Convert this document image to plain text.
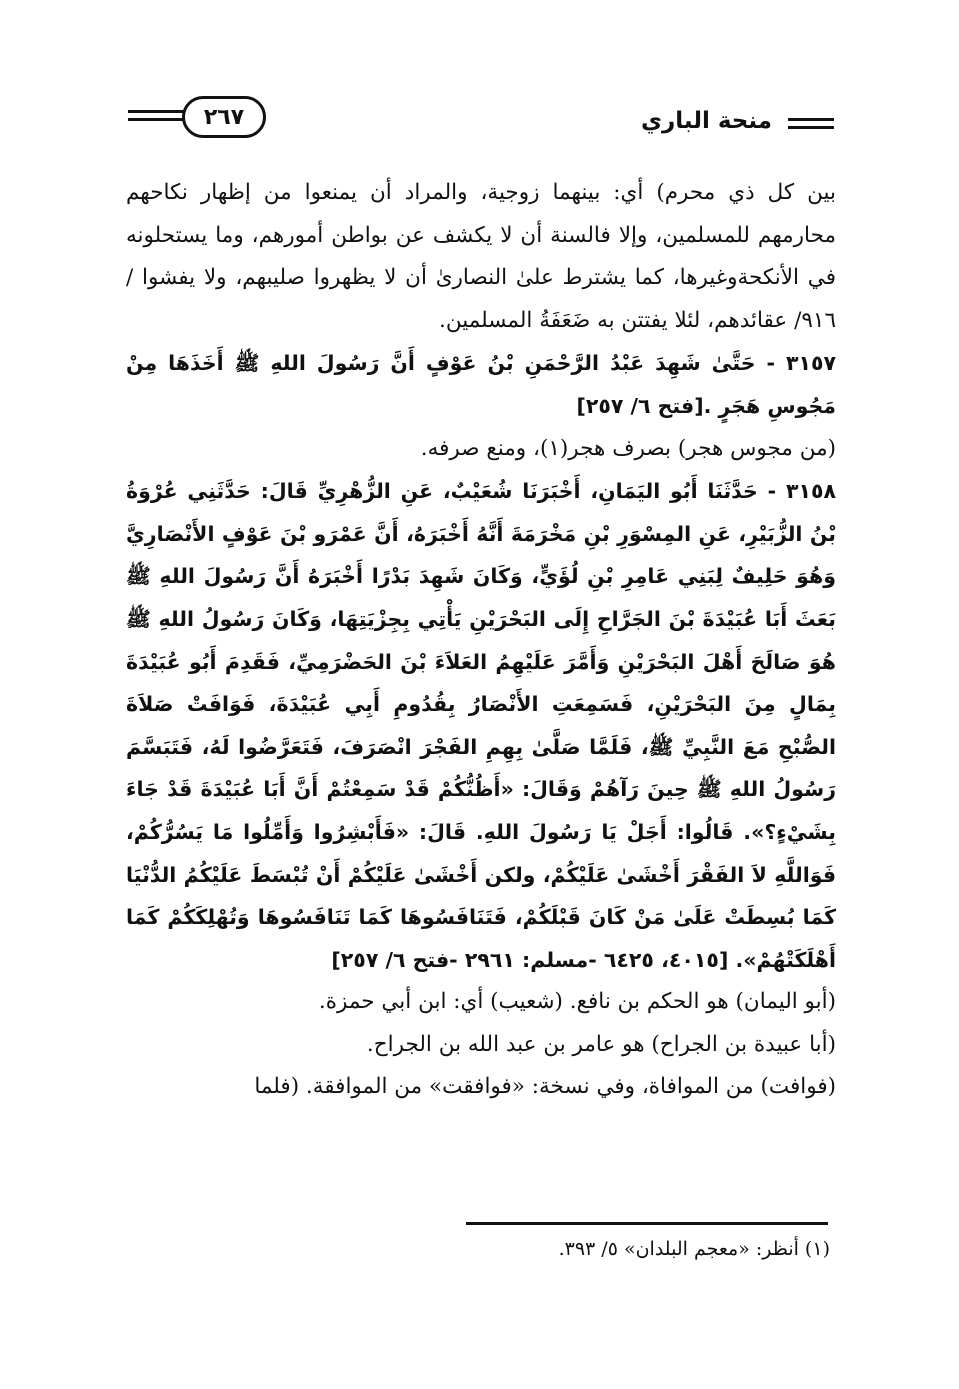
٢٦٧	منحة الباري

بين كل ذي محرم) أي: بينهما زوجية، والمراد أن يمنعوا من إظهار نكاحهم محارمهم للمسلمين، وإلا فالسنة أن لا يكشف عن بواطن أمورهم، وما يستحلونه في الأنكحةوغيرها، كما يشترط علىٰ النصارىٰ أن لا يظهروا صليبهم، ولا يفشوا /٩١٦/ عقائدهم، لئلا يفتتن به ضَعَفَةُ المسلمين.

٣١٥٧ - حَتَّىٰ شَهِدَ عَبْدُ الرَّحْمَنِ بْنُ عَوْفٍ أَنَّ رَسُولَ اللهِ ﷺ أَخَذَهَا مِنْ مَجُوسِ هَجَرٍ .[فتح ٦/ ٢٥٧]

(من مجوس هجر) بصرف هجر(١)، ومنع صرفه.

٣١٥٨ - حَدَّثَنَا أَبُو اليَمَانِ، أَخْبَرَنَا شُعَيْبٌ، عَنِ الزُّهْرِيِّ قَالَ: حَدَّثَنِي عُرْوَةُ بْنُ الزُّبَيْرِ، عَنِ المِسْوَرِ بْنِ مَخْرَمَةَ أَنَّهُ أَخْبَرَهُ، أَنَّ عَمْرَو بْنَ عَوْفٍ الأَنْصَارِيَّ وَهُوَ حَلِيفٌ لِبَنِي عَامِرِ بْنِ لُؤَيٍّ، وَكَانَ شَهِدَ بَدْرًا أَخْبَرَهُ أَنَّ رَسُولَ اللهِ ﷺ بَعَثَ أَبَا عُبَيْدَةَ بْنَ الجَرَّاحِ إِلَى البَحْرَيْنِ يَأْتِي بِجِزْيَتِهَا، وَكَانَ رَسُولُ اللهِ ﷺ هُوَ صَالَحَ أَهْلَ البَحْرَيْنِ وَأَمَّرَ عَلَيْهِمُ العَلاَءَ بْنَ الحَضْرَمِيِّ، فَقَدِمَ أَبُو عُبَيْدَةَ بِمَالٍ مِنَ البَحْرَيْنِ، فَسَمِعَتِ الأَنْصَارُ بِقُدُومِ أَبِي عُبَيْدَةَ، فَوَافَتْ صَلاَةَ الصُّبْحِ مَعَ النَّبِيِّ ﷺ، فَلَمَّا صَلَّىٰ بِهِمِ الفَجْرَ انْصَرَفَ، فَتَعَرَّضُوا لَهُ، فَتَبَسَّمَ رَسُولُ اللهِ ﷺ حِينَ رَآهُمْ وَقَالَ: «أَظُنُّكُمْ قَدْ سَمِعْتُمْ أَنَّ أَبَا عُبَيْدَةَ قَدْ جَاءَ بِشَيْءٍ؟». قَالُوا: أَجَلْ يَا رَسُولَ اللهِ. قَالَ: «فَأَبْشِرُوا وَأَمِّلُوا مَا يَسُرُّكُمْ، فَوَاللَّهِ لاَ الفَقْرَ أَخْشَىٰ عَلَيْكُمْ، ولكن أَخْشَىٰ عَلَيْكُمْ أَنْ تُبْسَطَ عَلَيْكُمُ الدُّنْيَا كَمَا بُسِطَتْ عَلَىٰ مَنْ كَانَ قَبْلَكُمْ، فَتَنَافَسُوهَا كَمَا تَنَافَسُوهَا وَتُهْلِكَكُمْ كَمَا أَهْلَكَتْهُمْ». [٤٠١٥، ٦٤٢٥ -مسلم: ٢٩٦١ -فتح ٦/ ٢٥٧]

(أبو اليمان) هو الحكم بن نافع. (شعيب) أي: ابن أبي حمزة.

(أبا عبيدة بن الجراح) هو عامر بن عبد الله بن الجراح.

(فوافت) من الموافاة، وفي نسخة: «فوافقت» من الموافقة. (فلما

(١) أنظر: «معجم البلدان» ٥/ ٣٩٣.
